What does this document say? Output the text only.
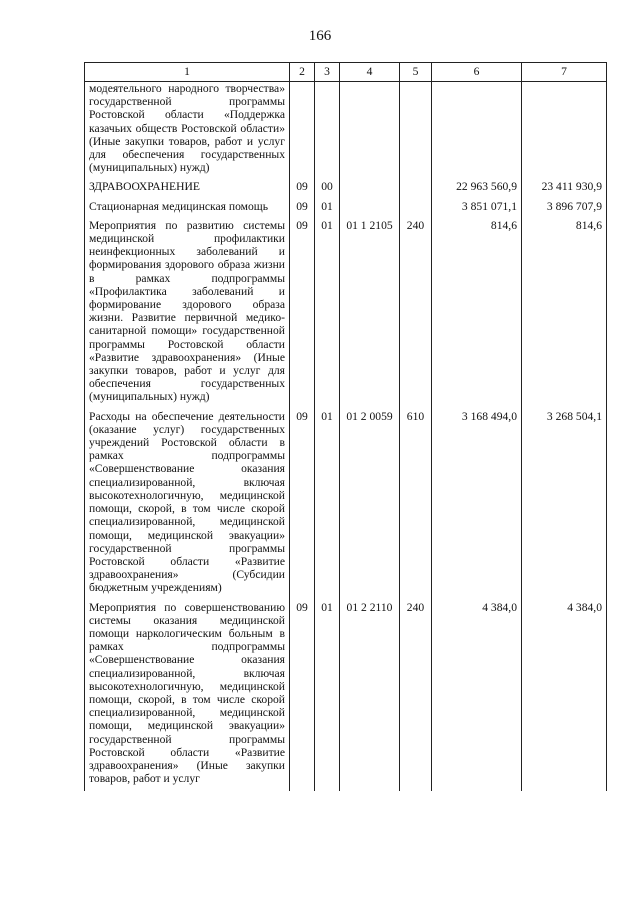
166
1	2	3	4	5	6	7
модеятельного народного творчества» государственной программы Ростовской области «Поддержка казачьих обществ Ростовской области» (Иные закупки товаров, работ и услуг для обеспечения государственных (муниципальных) нужд)						
ЗДРАВООХРАНЕНИЕ	09	00			22 963 560,9	23 411 930,9
Стационарная медицинская помощь	09	01			3 851 071,1	3 896 707,9
Мероприятия по развитию системы медицинской профилактики неинфекционных заболеваний и формирования здорового образа жизни в рамках подпрограммы «Профилактика заболеваний и формирование здорового образа жизни. Развитие первичной медико-санитарной помощи» государственной программы Ростовской области «Развитие здравоохранения» (Иные закупки товаров, работ и услуг для обеспечения государственных (муниципальных) нужд)	09	01	01 1 2105	240	814,6	814,6
Расходы на обеспечение деятельности (оказание услуг) государственных учреждений Ростовской области в рамках подпрограммы «Совершенствование оказания специализированной, включая высокотехнологичную, медицинской помощи, скорой, в том числе скорой специализированной, медицинской помощи, медицинской эвакуации» государственной программы Ростовской области «Развитие здравоохранения» (Субсидии бюджетным учреждениям)	09	01	01 2 0059	610	3 168 494,0	3 268 504,1
Мероприятия по совершенствованию системы оказания медицинской помощи наркологическим больным в рамках подпрограммы «Совершенствование оказания специализированной, включая высокотехнологичную, медицинской помощи, скорой, в том числе скорой специализированной, медицинской помощи, медицинской эвакуации» государственной программы Ростовской области «Развитие здравоохранения» (Иные закупки товаров, работ и услуг	09	01	01 2 2110	240	4 384,0	4 384,0
